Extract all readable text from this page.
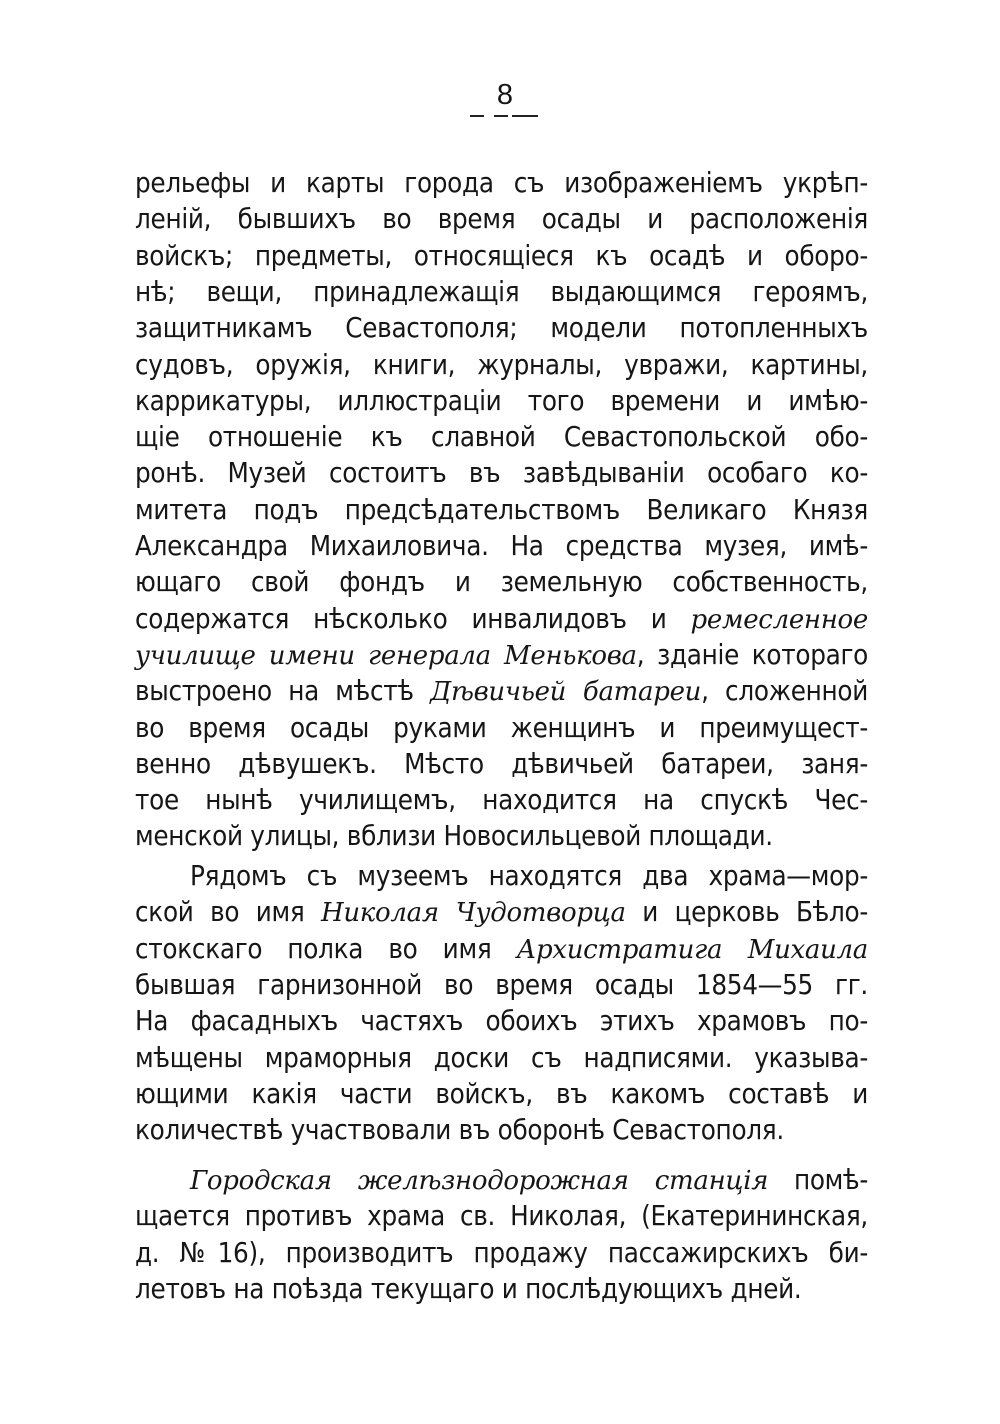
8
рельефы и карты города съ изображенiемъ укрѣп-
ленiй, бывшихъ во время осады и расположенiя
войскъ; предметы, относящiеся къ осадѣ и оборо-
нѣ; вещи, принадлежащiя выдающимся героямъ,
защитникамъ Севастополя; модели потопленныхъ
судовъ, оружiя, книги, журналы, увражи, картины,
каррикатуры, иллюстрацiи того времени и имѣю-
щiе отношенiе къ славной Севастопольской обо-
ронѣ. Музей состоитъ въ завѣдыванiи особаго ко-
митета подъ предсѣдательствомъ Великаго Князя
Александра Михаиловича. На средства музея, имѣ-
ющаго свой фондъ и земельную собственность,
содержатся нѣсколько инвалидовъ и ремесленное
училище имени генерала Менькова, зданiе котораго
выстроено на мѣстѣ Дѣвичьей батареи, сложенной
во время осады руками женщинъ и преимущест-
венно дѣвушекъ. Мѣсто дѣвичьей батареи, заня-
тое нынѣ училищемъ, находится на спускѣ Чес-
менской улицы, вблизи Новосильцевой площади.
Рядомъ съ музеемъ находятся два храма—мор-
ской во имя Николая Чудотворца и церковь Бѣло-
стокскаго полка во имя Архистратига Михаила
бывшая гарнизонной во время осады 1854—55 гг.
На фасадныхъ частяхъ обоихъ этихъ храмовъ по-
мѣщены мраморныя доски съ надписями. указыва-
ющими какiя части войскъ, въ какомъ составѣ и
количествѣ участвовали въ оборонѣ Севастополя.
Городская желѣзнодорожная станцiя помѣ-
щается противъ храма св. Николая, (Екатерининская,
д. №16), производитъ продажу пассажирскихъ би-
летовъ на поѣзда текущаго и послѣдующихъ дней.
